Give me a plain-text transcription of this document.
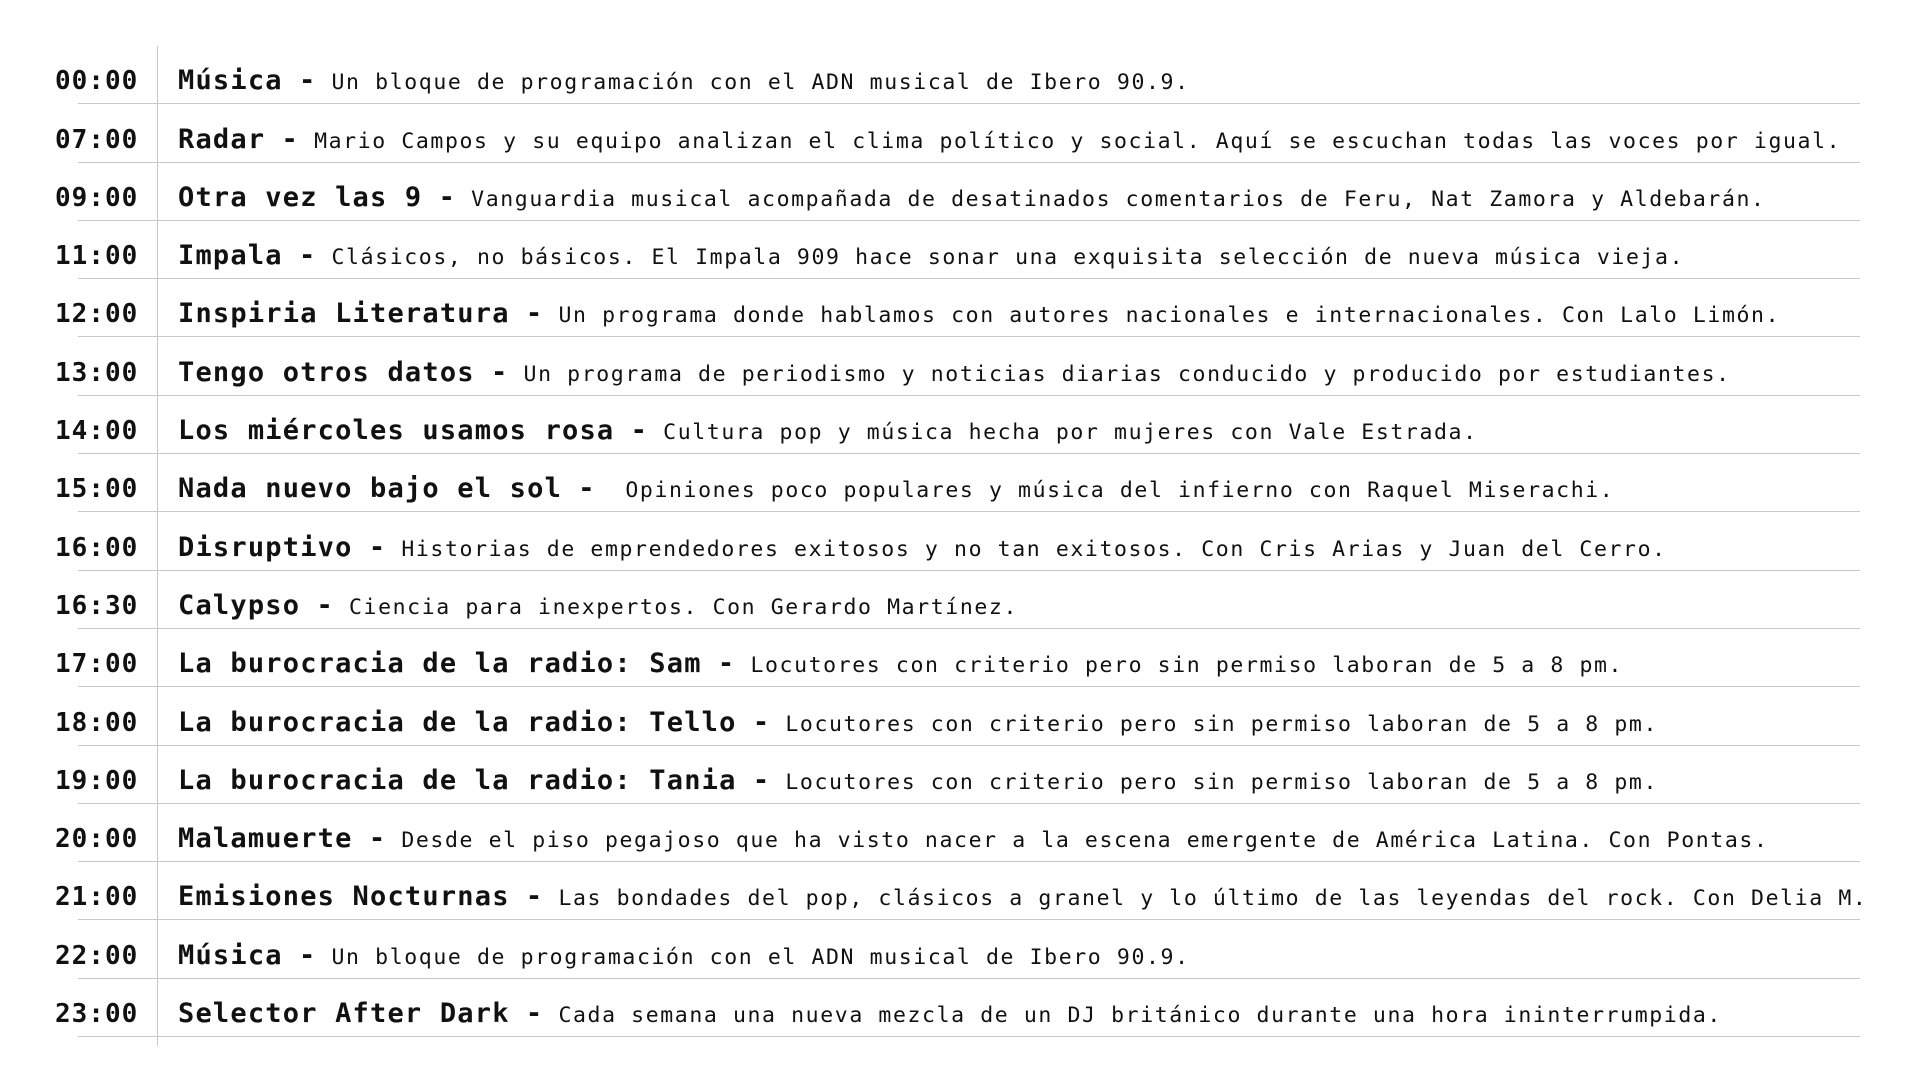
00:00 Música - Un bloque de programación con el ADN musical de Ibero 90.9.
07:00 Radar - Mario Campos y su equipo analizan el clima político y social. Aquí se escuchan todas las voces por igual.
09:00 Otra vez las 9 - Vanguardia musical acompañada de desatinados comentarios de Feru, Nat Zamora y Aldebarán.
11:00 Impala - Clásicos, no básicos. El Impala 909 hace sonar una exquisita selección de nueva música vieja.
12:00 Inspiria Literatura - Un programa donde hablamos con autores nacionales e internacionales. Con Lalo Limón.
13:00 Tengo otros datos - Un programa de periodismo y noticias diarias conducido y producido por estudiantes.
14:00 Los miércoles usamos rosa - Cultura pop y música hecha por mujeres con Vale Estrada.
15:00 Nada nuevo bajo el sol -  Opiniones poco populares y música del infierno con Raquel Miserachi.
16:00 Disruptivo - Historias de emprendedores exitosos y no tan exitosos. Con Cris Arias y Juan del Cerro.
16:30 Calypso - Ciencia para inexpertos. Con Gerardo Martínez.
17:00 La burocracia de la radio: Sam - Locutores con criterio pero sin permiso laboran de 5 a 8 pm.
18:00 La burocracia de la radio: Tello - Locutores con criterio pero sin permiso laboran de 5 a 8 pm.
19:00 La burocracia de la radio: Tania - Locutores con criterio pero sin permiso laboran de 5 a 8 pm.
20:00 Malamuerte - Desde el piso pegajoso que ha visto nacer a la escena emergente de América Latina. Con Pontas.
21:00 Emisiones Nocturnas - Las bondades del pop, clásicos a granel y lo último de las leyendas del rock. Con Delia M.
22:00 Música - Un bloque de programación con el ADN musical de Ibero 90.9.
23:00 Selector After Dark - Cada semana una nueva mezcla de un DJ británico durante una hora ininterrumpida.
